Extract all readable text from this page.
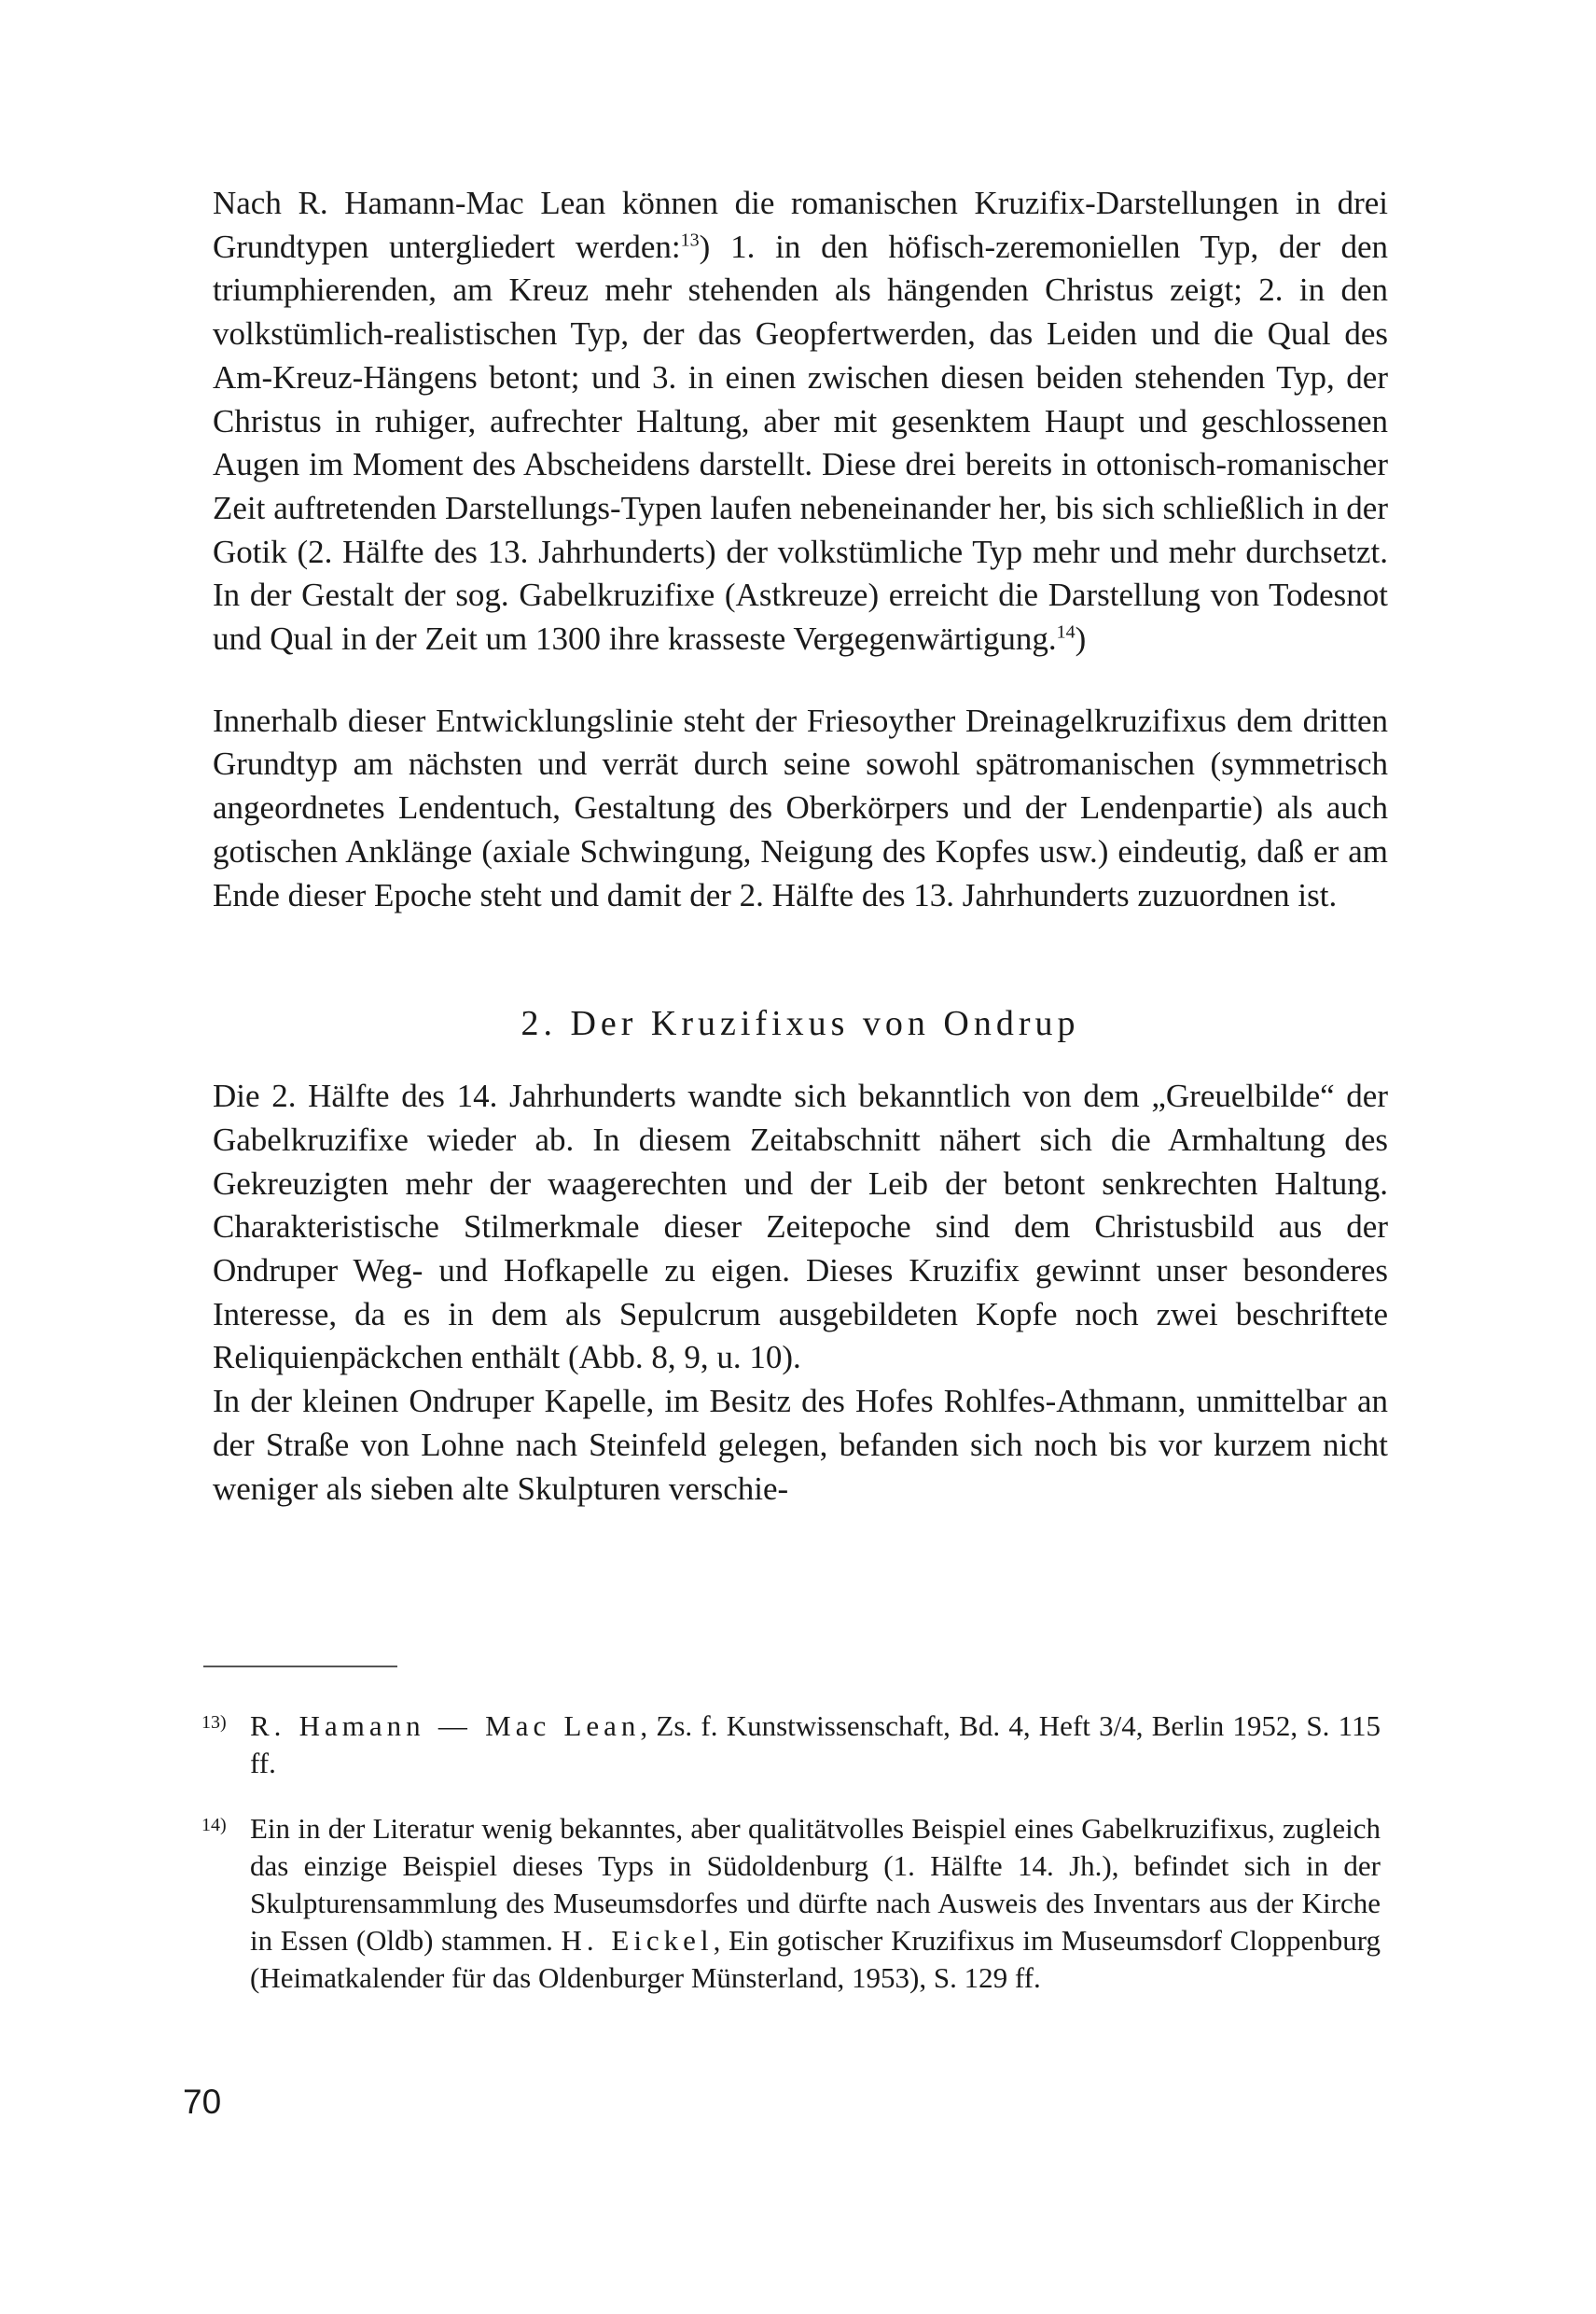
Nach R. Hamann-Mac Lean können die romanischen Kruzifix-Darstellungen in drei Grundtypen untergliedert werden:$^{13}$) 1. in den höfisch-zeremoniellen Typ, der den triumphierenden, am Kreuz mehr stehenden als hängenden Christus zeigt; 2. in den volkstümlich-realistischen Typ, der das Geopfertwerden, das Leiden und die Qual des Am-Kreuz-Hängens betont; und 3. in einen zwischen diesen beiden stehenden Typ, der Christus in ruhiger, aufrechter Haltung, aber mit gesenktem Haupt und geschlossenen Augen im Moment des Abscheidens darstellt. Diese drei bereits in ottonisch-romanischer Zeit auftretenden Darstellungs-Typen laufen nebeneinander her, bis sich schließlich in der Gotik (2. Hälfte des 13. Jahrhunderts) der volkstümliche Typ mehr und mehr durchsetzt. In der Gestalt der sog. Gabelkruzifixe (Astkreuze) erreicht die Darstellung von Todesnot und Qual in der Zeit um 1300 ihre krasseste Vergegenwärtigung.$^{14}$)

Innerhalb dieser Entwicklungslinie steht der Friesoyther Dreinagelkruzifixus dem dritten Grundtyp am nächsten und verrät durch seine sowohl spätromanischen (symmetrisch angeordnetes Lendentuch, Gestaltung des Oberkörpers und der Lendenpartie) als auch gotischen Anklänge (axiale Schwingung, Neigung des Kopfes usw.) eindeutig, daß er am Ende dieser Epoche steht und damit der 2. Hälfte des 13. Jahrhunderts zuzuordnen ist.

2. Der Kruzifixus von Ondrup

Die 2. Hälfte des 14. Jahrhunderts wandte sich bekanntlich von dem „Greuelbilde“ der Gabelkruzifixe wieder ab. In diesem Zeitabschnitt nähert sich die Armhaltung des Gekreuzigten mehr der waagerechten und der Leib der betont senkrechten Haltung. Charakteristische Stilmerkmale dieser Zeitepoche sind dem Christusbild aus der Ondruper Weg- und Hofkapelle zu eigen. Dieses Kruzifix gewinnt unser besonderes Interesse, da es in dem als Sepulcrum ausgebildeten Kopfe noch zwei beschriftete Reliquienpäckchen enthält (Abb. 8, 9, u. 10).

In der kleinen Ondruper Kapelle, im Besitz des Hofes Rohlfes-Athmann, unmittelbar an der Straße von Lohne nach Steinfeld gelegen, befanden sich noch bis vor kurzem nicht weniger als sieben alte Skulpturen verschie-

13) R. Hamann — Mac Lean, Zs. f. Kunstwissenschaft, Bd. 4, Heft 3/4, Berlin 1952, S. 115 ff.
14) Ein in der Literatur wenig bekanntes, aber qualitätvolles Beispiel eines Gabelkruzifixus, zugleich das einzige Beispiel dieses Typs in Südoldenburg (1. Hälfte 14. Jh.), befindet sich in der Skulpturensammlung des Museumsdorfes und dürfte nach Ausweis des Inventars aus der Kirche in Essen (Oldb) stammen. H. Eickel, Ein gotischer Kruzifixus im Museumsdorf Cloppenburg (Heimatkalender für das Oldenburger Münsterland, 1953), S. 129 ff.
70
